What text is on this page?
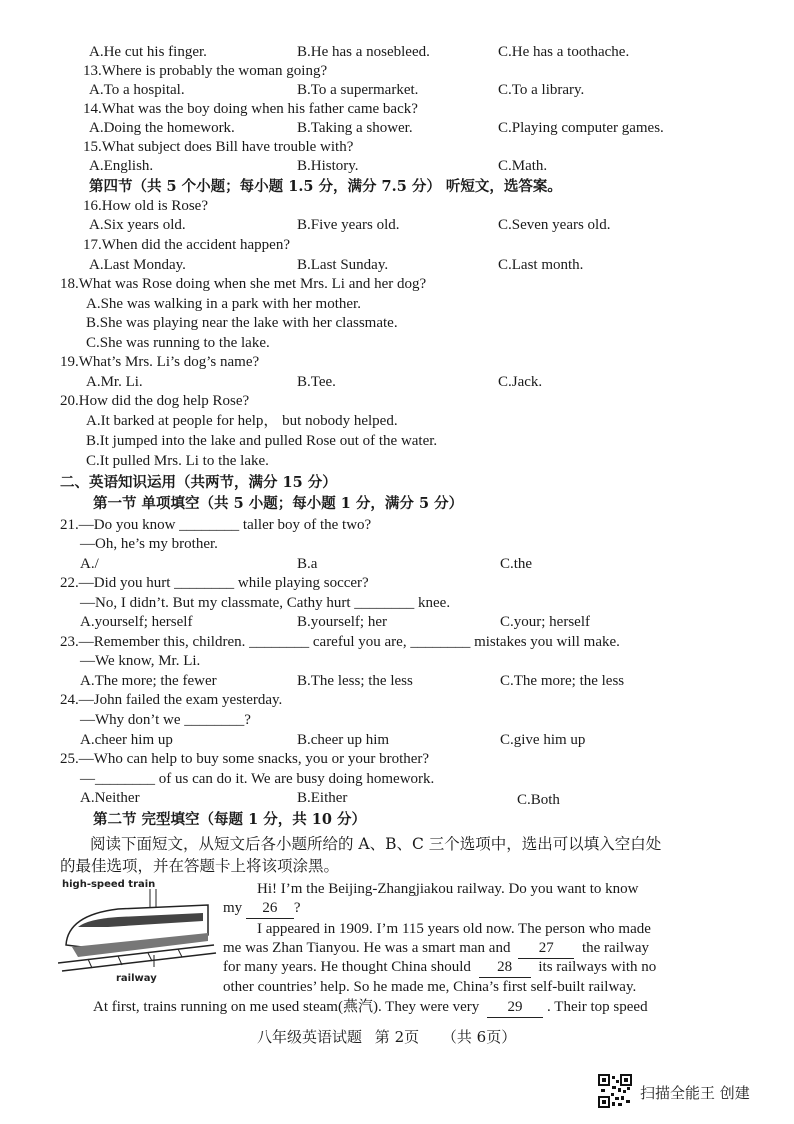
A.He cut his finger.	B.He has a nosebleed.	C.He has a toothache.
13.Where is probably the woman going?
A.To a hospital.	B.To a supermarket.	C.To a library.
14.What was the boy doing when his father came back?
A.Doing the homework.	B.Taking a shower.	C.Playing computer games.
15.What subject does Bill have trouble with?
A.English.	B.History.	C.Math.
第四节（共 5 个小题；每小题 1.5 分，满分 7.5 分） 听短文，选答案。
16.How old is Rose?
A.Six years old.	B.Five years old.	C.Seven years old.
17.When did the accident happen?
A.Last Monday.	B.Last Sunday.	C.Last month.
18.What was Rose doing when she met Mrs. Li and her dog?
A.She was walking in a park with her mother.
B.She was playing near the lake with her classmate.
C.She was running to the lake.
19.What’s Mrs. Li’s dog’s name?
A.Mr. Li.	B.Tee.	C.Jack.
20.How did the dog help Rose?
A.It barked at people for help， but nobody helped.
B.It jumped into the lake and pulled Rose out of the water.
C.It pulled Mrs. Li to the lake.
二、英语知识运用（共两节，满分 15 分）
第一节 单项填空（共 5 小题；每小题 1 分，满分 5 分）
21.—Do you know ________ taller boy of the two?
—Oh, he’s my brother.
A./	B.a	C.the
22.—Did you hurt ________ while playing soccer?
—No, I didn’t. But my classmate, Cathy hurt ________ knee.
A.yourself; herself	B.yourself; her	C.your; herself
23.—Remember this, children. ________ careful you are, ________ mistakes you will make.
—We know, Mr. Li.
A.The more; the fewer	B.The less; the less	C.The more; the less
24.—John failed the exam yesterday.
—Why don’t we ________?
A.cheer him up	B.cheer up him	C.give him up
25.—Who can help to buy some snacks, you or your brother?
—________ of us can do it. We are busy doing homework.
A.Neither	B.Either	C.Both
第二节 完型填空（每题 1 分，共 10 分）
阅读下面短文，从短文后各小题所给的 A、B、C 三个选项中，选出可以填入空白处
的最佳选项，并在答题卡上将该项涂黑。
high-speed train
railway
Hi! I’m the Beijing-Zhangjiakou railway. Do you want to know
my 26 ?
I appeared in 1909. I’m 115 years old now. The person who made
me was Zhan Tianyou. He was a smart man and 27 the railway
for many years. He thought China should 28 its railways with no
other countries’ help. So he made me, China’s first self-built railway.
At first, trains running on me used steam(燕汽). They were very 29 . Their top speed
八年级英语试题 第 2页 （共 6页）
扫描全能王 创建
